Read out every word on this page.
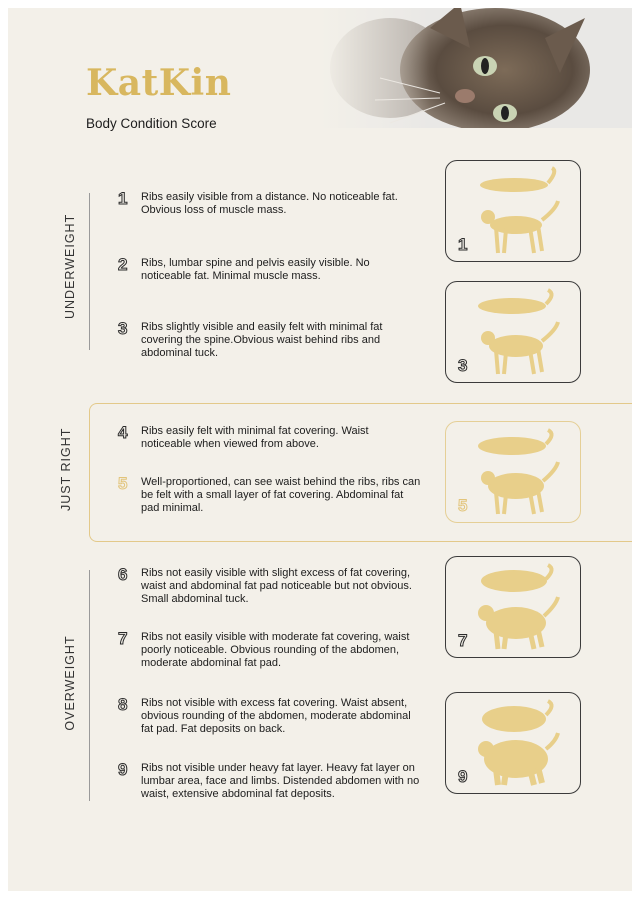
KatKin
Body Condition Score
UNDERWEIGHT
JUST RIGHT
OVERWEIGHT
1 Ribs easily visible from a distance. No noticeable fat. Obvious loss of muscle mass.
2 Ribs, lumbar spine and pelvis easily visible. No noticeable fat. Minimal muscle mass.
3 Ribs slightly visible and easily felt with minimal fat covering the spine.Obvious waist behind ribs and abdominal tuck.
4 Ribs easily felt with minimal fat covering. Waist noticeable when viewed from above.
5 Well-proportioned, can see waist behind the ribs, ribs can be felt with a small layer of fat covering. Abdominal fat pad minimal.
6 Ribs not easily visible with slight excess of fat covering, waist and abdominal fat pad noticeable but not obvious. Small abdominal tuck.
7 Ribs not easily visible with moderate fat covering, waist poorly noticeable. Obvious rounding of the abdomen, moderate abdominal fat pad.
8 Ribs not visible with excess fat covering. Waist absent, obvious rounding of the abdomen, moderate abdominal fat pad. Fat deposits on back.
9 Ribs not visible under heavy fat layer. Heavy fat layer on lumbar area, face and limbs. Distended abdomen with no waist, extensive abdominal fat deposits.
1
3
5
7
9
